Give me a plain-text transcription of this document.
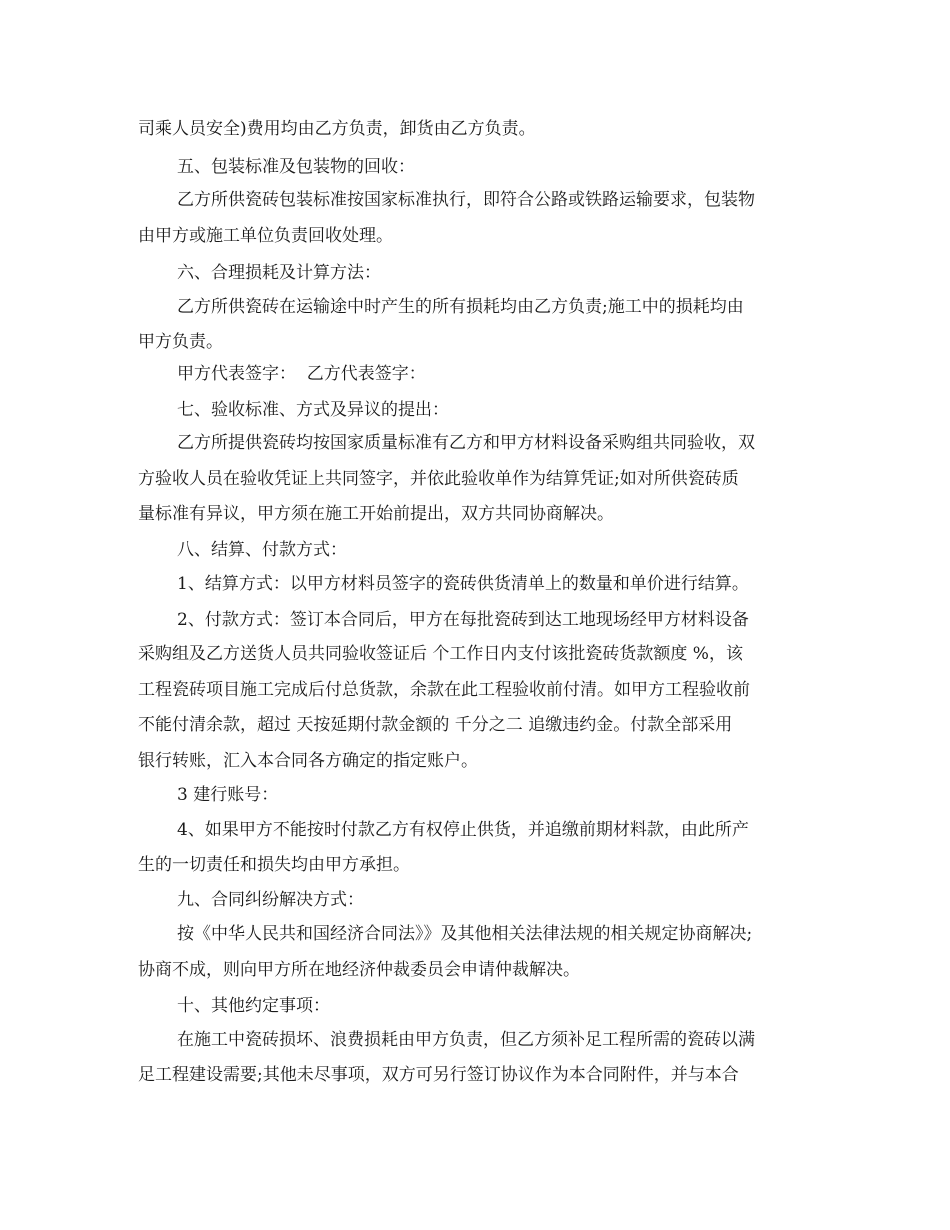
司乘人员安全)费用均由乙方负责，卸货由乙方负责。
五、包装标准及包装物的回收：
乙方所供瓷砖包装标准按国家标准执行，即符合公路或铁路运输要求，包装物
由甲方或施工单位负责回收处理。
六、合理损耗及计算方法：
乙方所供瓷砖在运输途中时产生的所有损耗均由乙方负责;施工中的损耗均由
甲方负责。
甲方代表签字：  乙方代表签字：
七、验收标准、方式及异议的提出：
乙方所提供瓷砖均按国家质量标准有乙方和甲方材料设备采购组共同验收，双
方验收人员在验收凭证上共同签字，并依此验收单作为结算凭证;如对所供瓷砖质
量标准有异议，甲方须在施工开始前提出，双方共同协商解决。
八、结算、付款方式：
1、结算方式：以甲方材料员签字的瓷砖供货清单上的数量和单价进行结算。
2、付款方式：签订本合同后，甲方在每批瓷砖到达工地现场经甲方材料设备
采购组及乙方送货人员共同验收签证后 个工作日内支付该批瓷砖货款额度 %，该
工程瓷砖项目施工完成后付总货款，余款在此工程验收前付清。如甲方工程验收前
不能付清余款，超过 天按延期付款金额的 千分之二 追缴违约金。付款全部采用
银行转账，汇入本合同各方确定的指定账户。
3 建行账号：
4、如果甲方不能按时付款乙方有权停止供货，并追缴前期材料款，由此所产
生的一切责任和损失均由甲方承担。
九、合同纠纷解决方式：
按《中华人民共和国经济合同法》》及其他相关法律法规的相关规定协商解决;
协商不成，则向甲方所在地经济仲裁委员会申请仲裁解决。
十、其他约定事项：
在施工中瓷砖损坏、浪费损耗由甲方负责，但乙方须补足工程所需的瓷砖以满
足工程建设需要;其他未尽事项，双方可另行签订协议作为本合同附件，并与本合
